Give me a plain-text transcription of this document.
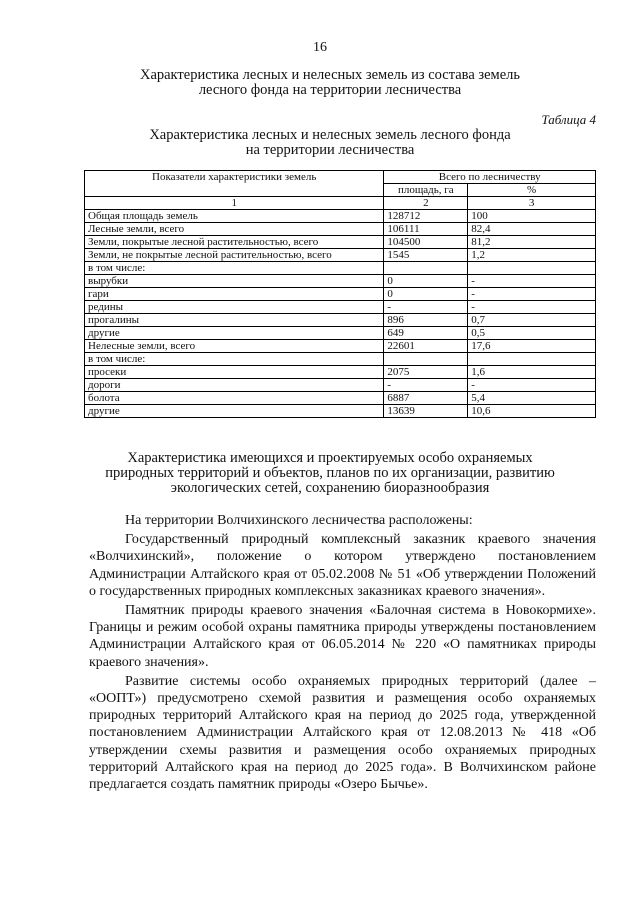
16
Характеристика лесных и нелесных земель из состава земель
лесного фонда на территории лесничества
Таблица 4
Характеристика лесных и нелесных земель лесного фонда
на территории лесничества
Показатели характеристики земель	Всего по лесничеству	
	площадь, га	%
1	2	3
Общая площадь земель	128712	100
Лесные земли, всего	106111	82,4
Земли, покрытые лесной растительностью, всего	104500	81,2
Земли, не покрытые лесной растительностью, всего	1545	1,2
в том числе:		
вырубки	0	-
гари	0	-
редины	-	-
прогалины	896	0,7
другие	649	0,5
Нелесные земли, всего	22601	17,6
в том числе:		
просеки	2075	1,6
дороги	-	-
болота	6887	5,4
другие	13639	10,6
Характеристика имеющихся и проектируемых особо охраняемых
природных территорий и объектов, планов по их организации, развитию
экологических сетей, сохранению биоразнообразия

На территории Волчихинского лесничества расположены:

Государственный природный комплексный заказник краевого значения «Волчихинский», положение о котором утверждено постановлением Администрации Алтайского края от 05.02.2008 № 51 «Об утверждении Положений о государственных природных комплексных заказниках краевого значения».

Памятник природы краевого значения «Балочная система в Новокормихе». Границы и режим особой охраны памятника природы утверждены постановлением Администрации Алтайского края от 06.05.2014 № 220 «О памятниках природы краевого значения».

Развитие системы особо охраняемых природных территорий (далее – «ООПТ») предусмотрено схемой развития и размещения особо охраняемых природных территорий Алтайского края на период до 2025 года, утвержденной постановлением Администрации Алтайского края от 12.08.2013 № 418 «Об утверждении схемы развития и размещения особо охраняемых природных территорий Алтайского края на период до 2025 года». В Волчихинском районе предлагается создать памятник природы «Озеро Бычье».
